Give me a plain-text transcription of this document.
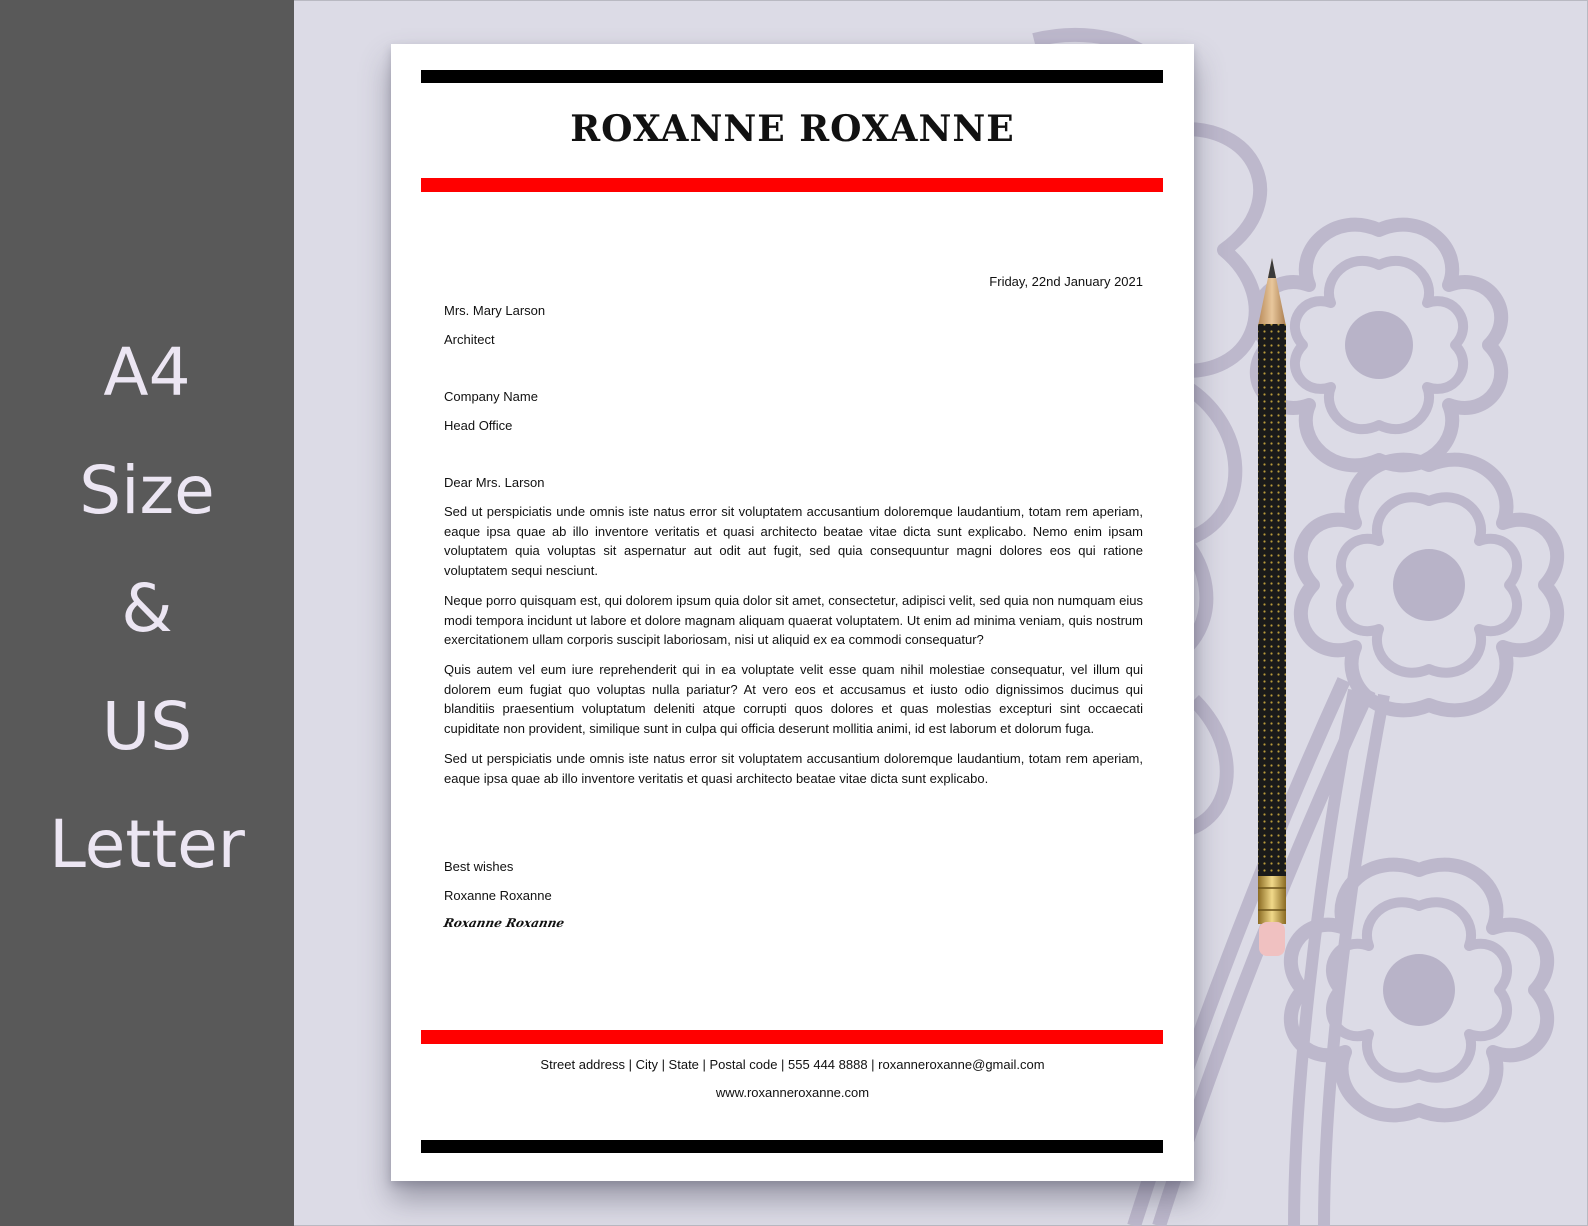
A4
Size
&
US
Letter
ROXANNE ROXANNE
Friday, 22nd January 2021
Mrs. Mary Larson
Architect
Company Name
Head Office
Dear Mrs. Larson
Sed ut perspiciatis unde omnis iste natus error sit voluptatem accusantium doloremque laudantium, totam rem aperiam, eaque ipsa quae ab illo inventore veritatis et quasi architecto beatae vitae dicta sunt explicabo. Nemo enim ipsam voluptatem quia voluptas sit aspernatur aut odit aut fugit, sed quia consequuntur magni dolores eos qui ratione voluptatem sequi nesciunt.
Neque porro quisquam est, qui dolorem ipsum quia dolor sit amet, consectetur, adipisci velit, sed quia non numquam eius modi tempora incidunt ut labore et dolore magnam aliquam quaerat voluptatem. Ut enim ad minima veniam, quis nostrum exercitationem ullam corporis suscipit laboriosam, nisi ut aliquid ex ea commodi consequatur?
Quis autem vel eum iure reprehenderit qui in ea voluptate velit esse quam nihil molestiae consequatur, vel illum qui dolorem eum fugiat quo voluptas nulla pariatur? At vero eos et accusamus et iusto odio dignissimos ducimus qui blanditiis praesentium voluptatum deleniti atque corrupti quos dolores et quas molestias excepturi sint occaecati cupiditate non provident, similique sunt in culpa qui officia deserunt mollitia animi, id est laborum et dolorum fuga.
Sed ut perspiciatis unde omnis iste natus error sit voluptatem accusantium doloremque laudantium, totam rem aperiam, eaque ipsa quae ab illo inventore veritatis et quasi architecto beatae vitae dicta sunt explicabo.
Best wishes
Roxanne Roxanne
Roxanne Roxanne
Street address | City | State | Postal code | 555 444 8888 | roxanneroxanne@gmail.com
www.roxanneroxanne.com
